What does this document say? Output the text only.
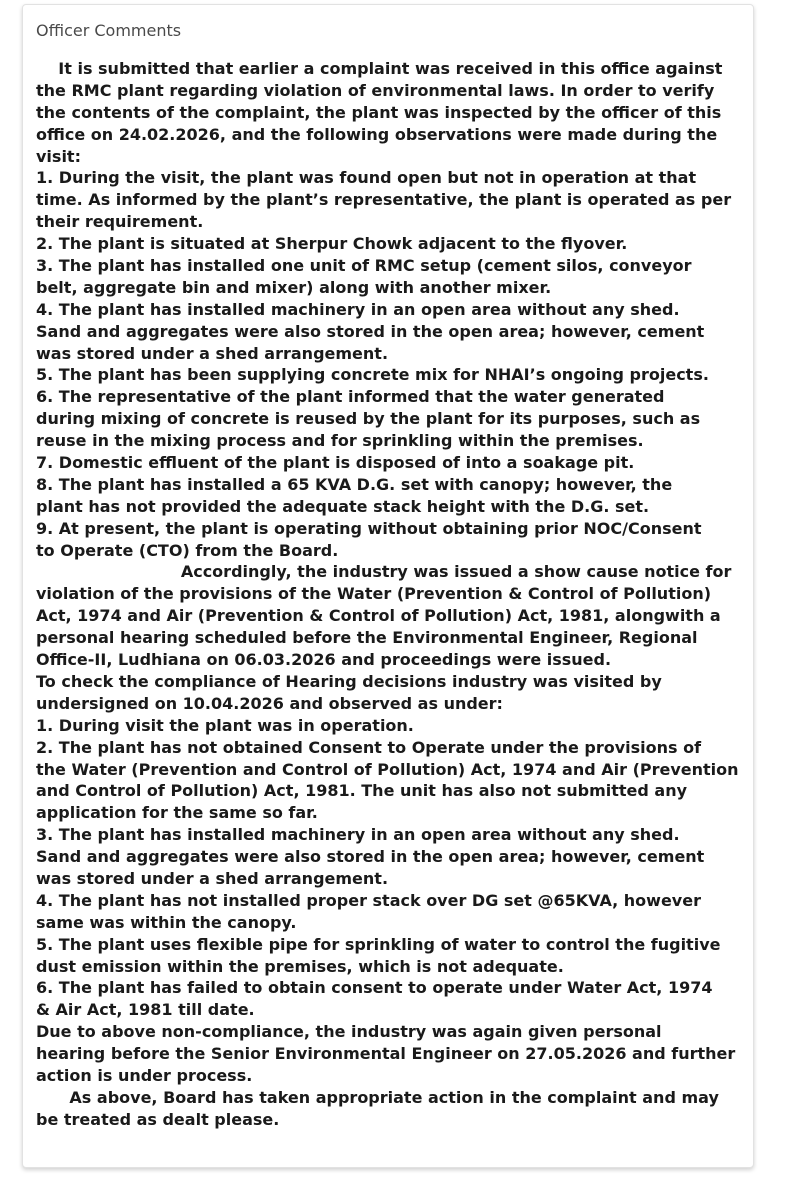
Officer Comments
It is submitted that earlier a complaint was received in this office against
the RMC plant regarding violation of environmental laws. In order to verify
the contents of the complaint, the plant was inspected by the officer of this
office on 24.02.2026, and the following observations were made during the
visit:
1. During the visit, the plant was found open but not in operation at that
time. As informed by the plant’s representative, the plant is operated as per
their requirement.
2. The plant is situated at Sherpur Chowk adjacent to the flyover.
3. The plant has installed one unit of RMC setup (cement silos, conveyor
belt, aggregate bin and mixer) along with another mixer.
4. The plant has installed machinery in an open area without any shed.
Sand and aggregates were also stored in the open area; however, cement
was stored under a shed arrangement.
5. The plant has been supplying concrete mix for NHAI’s ongoing projects.
6. The representative of the plant informed that the water generated
during mixing of concrete is reused by the plant for its purposes, such as
reuse in the mixing process and for sprinkling within the premises.
7. Domestic effluent of the plant is disposed of into a soakage pit.
8. The plant has installed a 65 KVA D.G. set with canopy; however, the
plant has not provided the adequate stack height with the D.G. set.
9. At present, the plant is operating without obtaining prior NOC/Consent
to Operate (CTO) from the Board.
Accordingly, the industry was issued a show cause notice for
violation of the provisions of the Water (Prevention & Control of Pollution)
Act, 1974 and Air (Prevention & Control of Pollution) Act, 1981, alongwith a
personal hearing scheduled before the Environmental Engineer, Regional
Office-II, Ludhiana on 06.03.2026 and proceedings were issued.
To check the compliance of Hearing decisions industry was visited by
undersigned on 10.04.2026 and observed as under:
1. During visit the plant was in operation.
2. The plant has not obtained Consent to Operate under the provisions of
the Water (Prevention and Control of Pollution) Act, 1974 and Air (Prevention
and Control of Pollution) Act, 1981. The unit has also not submitted any
application for the same so far.
3. The plant has installed machinery in an open area without any shed.
Sand and aggregates were also stored in the open area; however, cement
was stored under a shed arrangement.
4. The plant has not installed proper stack over DG set @65KVA, however
same was within the canopy.
5. The plant uses flexible pipe for sprinkling of water to control the fugitive
dust emission within the premises, which is not adequate.
6. The plant has failed to obtain consent to operate under Water Act, 1974
& Air Act, 1981 till date.
Due to above non-compliance, the industry was again given personal
hearing before the Senior Environmental Engineer on 27.05.2026 and further
action is under process.
As above, Board has taken appropriate action in the complaint and may
be treated as dealt please.
